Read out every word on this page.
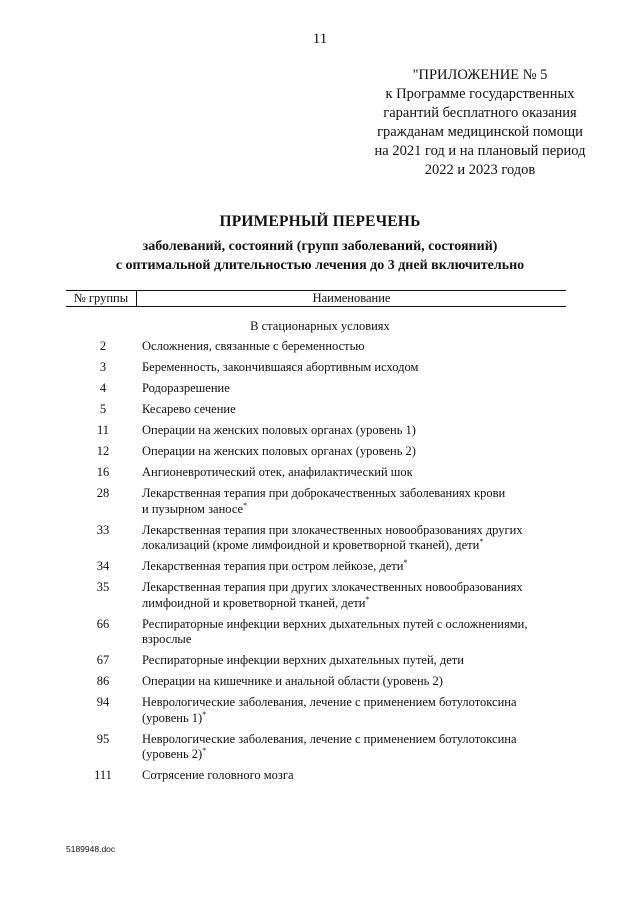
11
"ПРИЛОЖЕНИЕ № 5
к Программе государственных
гарантий бесплатного оказания
гражданам медицинской помощи
на 2021 год и на плановый период
2022 и 2023 годов
ПРИМЕРНЫЙ ПЕРЕЧЕНЬ
заболеваний, состояний (групп заболеваний, состояний)
с оптимальной длительностью лечения до 3 дней включительно
№ группы	Наименование
В стационарных условиях
2	Осложнения, связанные с беременностью
3	Беременность, закончившаяся абортивным исходом
4	Родоразрешение
5	Кесарево сечение
11	Операции на женских половых органах (уровень 1)
12	Операции на женских половых органах (уровень 2)
16	Ангионевротический отек, анафилактический шок
28	Лекарственная терапия при доброкачественных заболеваниях крови
и пузырном заносе*
33	Лекарственная терапия при злокачественных новообразованиях других
локализаций (кроме лимфоидной и кроветворной тканей), дети*
34	Лекарственная терапия при остром лейкозе, дети*
35	Лекарственная терапия при других злокачественных новообразованиях
лимфоидной и кроветворной тканей, дети*
66	Респираторные инфекции верхних дыхательных путей с осложнениями,
взрослые
67	Респираторные инфекции верхних дыхательных путей, дети
86	Операции на кишечнике и анальной области (уровень 2)
94	Неврологические заболевания, лечение с применением ботулотоксина
(уровень 1)*
95	Неврологические заболевания, лечение с применением ботулотоксина
(уровень 2)*
111	Сотрясение головного мозга
5189948.doc
